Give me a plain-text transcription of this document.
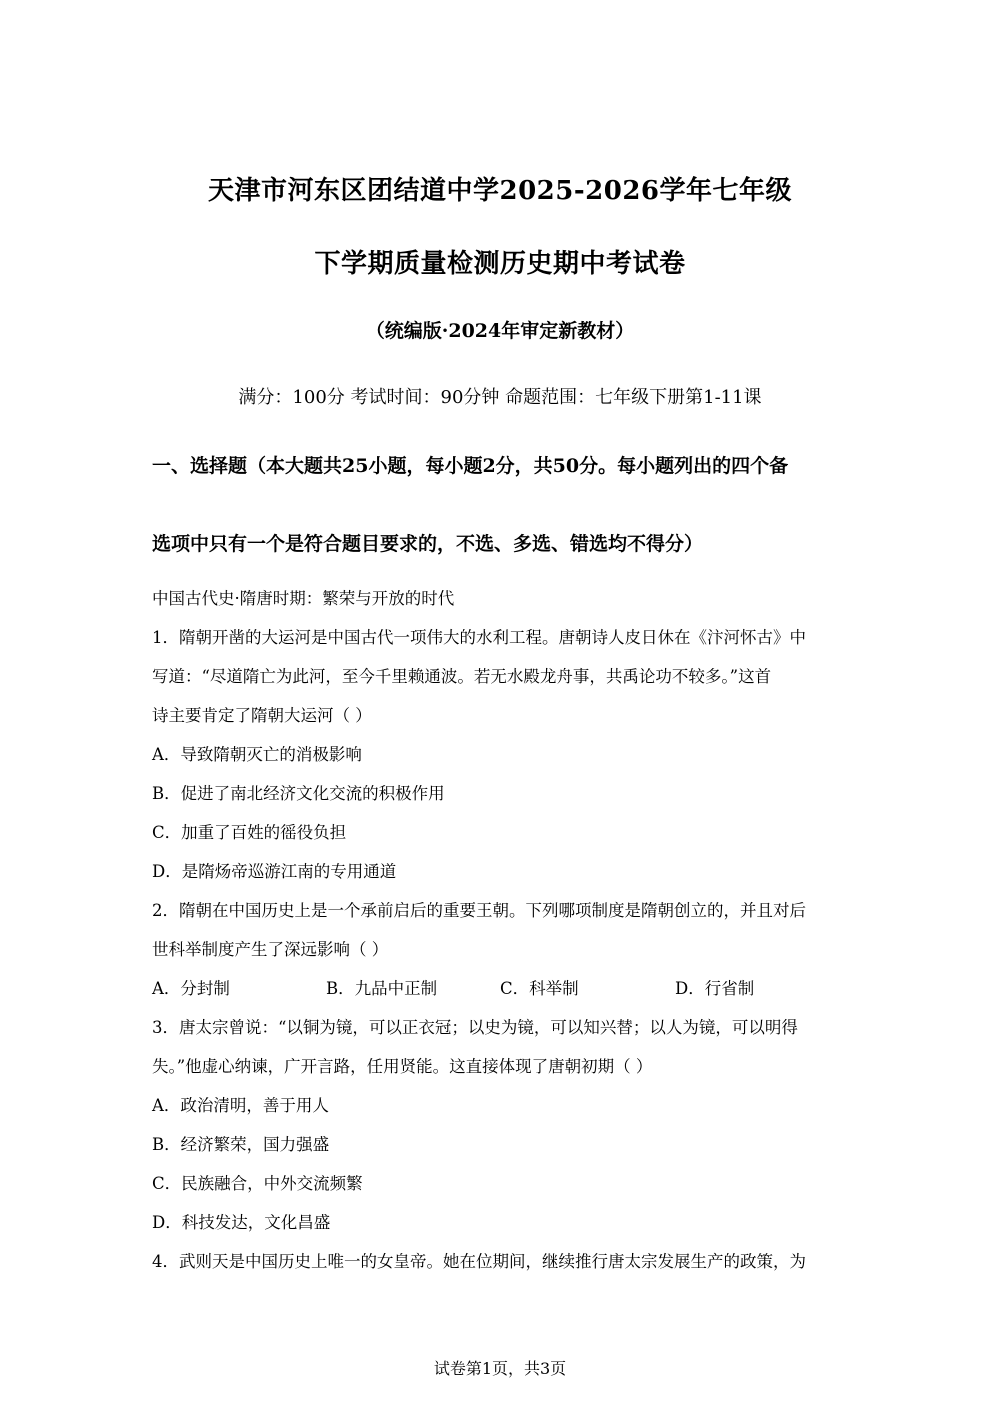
天津市河东区团结道中学2025-2026学年七年级
下学期质量检测历史期中考试卷
（统编版·2024年审定新教材）
满分：100分 考试时间：90分钟 命题范围：七年级下册第1-11课
一、选择题（本大题共25小题，每小题2分，共50分。每小题列出的四个备
选项中只有一个是符合题目要求的，不选、多选、错选均不得分）
中国古代史·隋唐时期：繁荣与开放的时代
1．隋朝开凿的大运河是中国古代一项伟大的水利工程。唐朝诗人皮日休在《汴河怀古》中
写道：“尽道隋亡为此河，至今千里赖通波。若无水殿龙舟事，共禹论功不较多。”这首
诗主要肯定了隋朝大运河（ ）
A．导致隋朝灭亡的消极影响
B．促进了南北经济文化交流的积极作用
C．加重了百姓的徭役负担
D．是隋炀帝巡游江南的专用通道
2．隋朝在中国历史上是一个承前启后的重要王朝。下列哪项制度是隋朝创立的，并且对后
世科举制度产生了深远影响（ ）
A．分封制	B．九品中正制	C．科举制	D．行省制
3．唐太宗曾说：“以铜为镜，可以正衣冠；以史为镜，可以知兴替；以人为镜，可以明得
失。”他虚心纳谏，广开言路，任用贤能。这直接体现了唐朝初期（ ）
A．政治清明，善于用人
B．经济繁荣，国力强盛
C．民族融合，中外交流频繁
D．科技发达，文化昌盛
4．武则天是中国历史上唯一的女皇帝。她在位期间，继续推行唐太宗发展生产的政策，为
试卷第1页，共3页
